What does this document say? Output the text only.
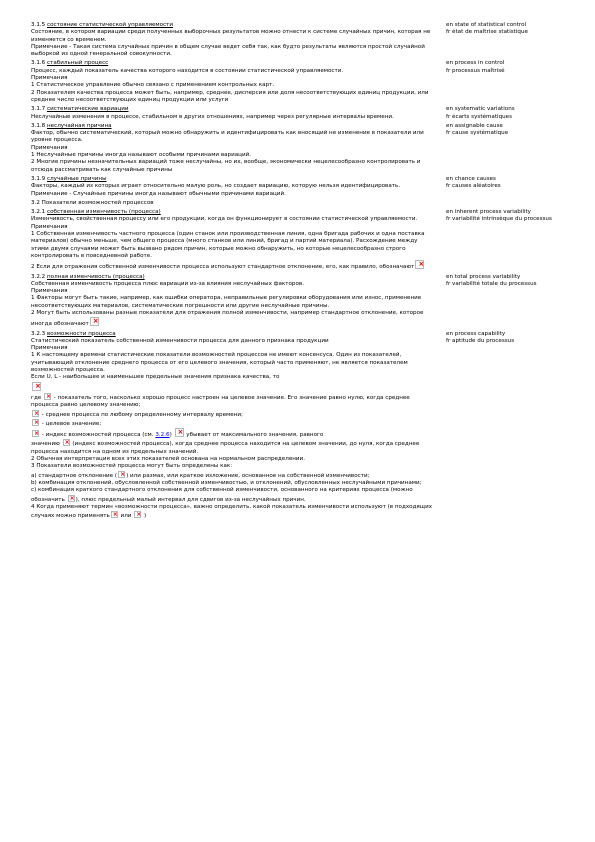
3.1.5 состояние статистической управляемости
Состояние, в котором вариации среди полученных выборочных результатов можно отнести к системе случайных причин, которая не изменяется со временем.
Примечание - Такая система случайных причин в общем случае ведет себя так, как будто результаты являются простой случайной выборкой из одной генеральной совокупности.
en state of statistical control
fr état de maîtrise statistique
3.1.6 стабильный процесс
Процесс, каждый показатель качества которого находится в состоянии статистической управляемости.
Примечания
1 Статистическое управление обычно связано с применением контрольных карт.
2 Показателем качества процесса может быть, например, среднее, дисперсия или доля несоответствующих единиц продукции, или среднее число несоответствующих единиц продукции или услуги
en process in control
fr processus maîtrisé
3.1.7 систематические вариации
Неслучайные изменения в процессе, стабильном в других отношениях, например через регулярные интервалы времени.
en systematic variations
fr écarts systématiques
3.1.8 неслучайная причина
Фактор, обычно систематический, который можно обнаружить и идентифицировать как вносящий не изменение в показатели или уровне процесса.
Примечания
1 Неслучайные причины иногда называют особыми причинами вариаций.
2 Многие причины незначительных вариаций тоже неслучайны, но их, вообще, экономически нецелесообразно контролировать и отсюда рассматривать как случайные причины
en assignable cause
fr cause systématique
3.1.9 случайные причины
Факторы, каждый из которых играет относительно малую роль, но создает вариацию, которую нельзя идентифицировать.
Примечание - Случайные причины иногда называют обычными причинами вариаций.
en chance causes
fr causes aléatoires
3.2 Показатели возможностей процессов
3.2.1 собственная изменчивость (процесса)
Изменчивость, свойственная процессу или его продукции, когда он функционирует в состоянии статистической управляемости.
Примечания
1 Собственная изменчивость частного процесса (один станок или производственная линия, одна бригада рабочих и одна поставка материалов) обычно меньше, чем общего процесса (много станков или линий, бригад и партий материала). Расхождение между этими двумя случаями может быть вызвано рядом причин, которые можно обнаружить, но которые нецелесообразно строго контролировать в повседневной работе.
2 Если для отражения собственной изменчивости процесса используют стандартное отклонение, его, как правило, обозначают×
en inherent process variability
fr variabilité intrinsèque du processus
3.2.2 полная изменчивость (процесса)
Собственная изменчивость процесса плюс вариации из-за влияния неслучайных факторов.
Примечания
1 Факторы могут быть такие, например, как ошибки оператора, неправильные регулировки оборудования или износ, применение несоответствующих материалов, систематические погрешности или другие неслучайные причины.
2 Могут быть использованы разные показатели для отражения полной изменчивости, например стандартное отклонение, которое иногда обозначают×
en total process variability
fr variabilité totale du processus
3.2.3 возможности процесса
Статистический показатель собственной изменчивости процесса для данного признака продукции
Примечания
1 К настоящему времени статистические показатели возможностей процессов не имеют консенсуса. Один из показателей, учитывающий отклонение среднего процесса от его целевого значения, который часто применяют, не является показателем возможностей процесса.
Если U, L - наибольшее и наименьшее предельные значения признака качества, то
×
где × - показатель того, насколько хорошо процесс настроен на целевое значение. Его значение равно нулю, когда среднее процесса равно целевому значению;
× - среднее процесса по любому определенному интервалу времени;
× - целевое значение;
× - индекс возможностей процесса (см. 3.2.6) × убывает от максимального значения, равного
значению × (индекс возможностей процесса), когда среднее процесса находится на целевом значении, до нуля, когда среднее процесса находится на одном из предельных значений.
2 Обычная интерпретация всех этих показателей основана на нормальном распределении.
3 Показатели возможностей процесса могут быть определены как:
а) стандартное отклонение (× ) или размах, или краткое изложение, основанное на собственной изменчивости;
b) комбинация отклонений, обусловленной собственной изменчивостью, и отклонений, обусловленных неслучайными причинами;
c) комбинация краткого стандартного отклонения для собственной изменчивости, основанного на критериях процесса (можно обозначить ×), плюс предельный малый интервал для сдвигов из-за неслучайных причин.
4 Когда применяют термин «возможности процесса», важно определить, какой показатель изменчивости используют (в подходящих случаях можно применять× или × )
en process capability
fr aptitude du processus
